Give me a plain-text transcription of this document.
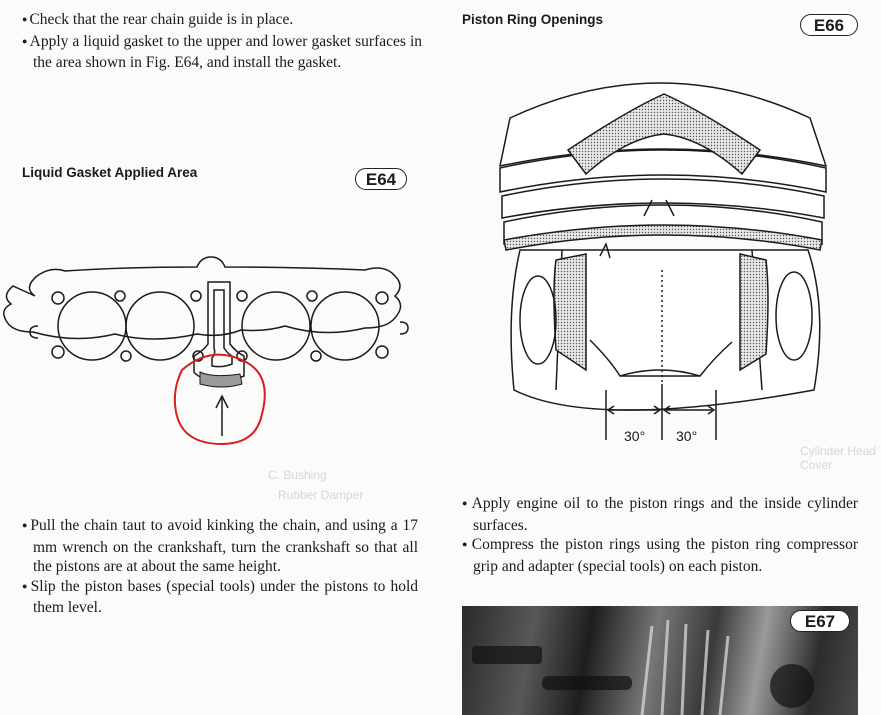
● Check that the rear chain guide is in place.

● Apply a liquid gasket to the upper and lower gasket surfaces in the area shown in Fig. E64, and install the gasket.

Liquid Gasket Applied Area	E64
C. Bushing
Rubber Damper

● Pull the chain taut to avoid kinking the chain, and using a 17 mm wrench on the crankshaft, turn the crankshaft so that all the pistons are at about the same height.

● Slip the piston bases (special tools) under the pistons to hold them level.

Piston Ring Openings	E66
Cylinder Head Cover
30° 30°

● Apply engine oil to the piston rings and the inside cylinder surfaces.

● Compress the piston rings using the piston ring compressor grip and adapter (special tools) on each piston.

E67
